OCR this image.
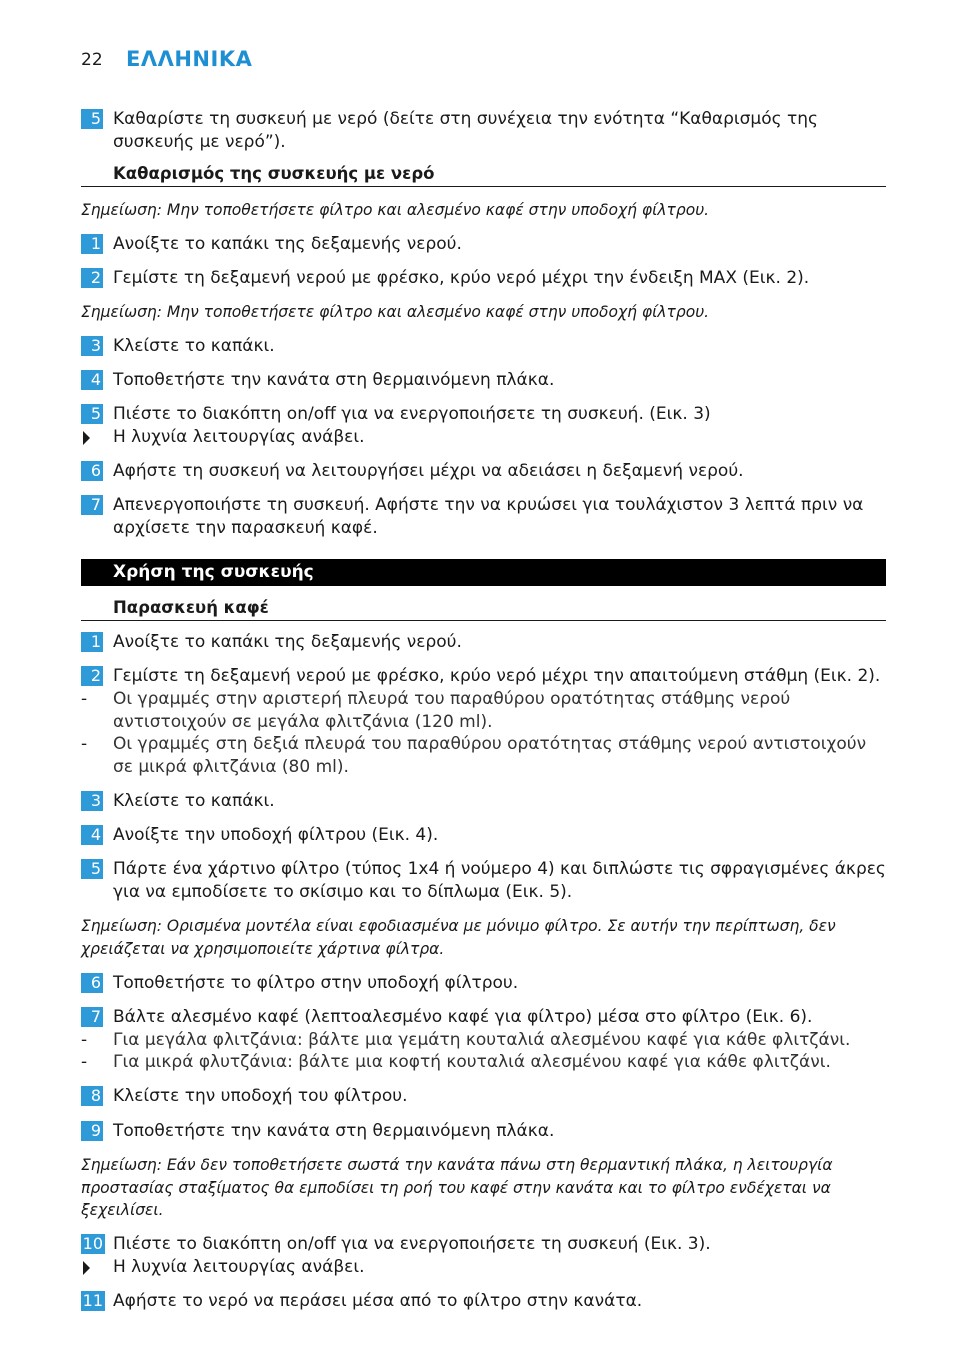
22 ΕΛΛΗΝΙΚΑ
5 Καθαρίστε τη συσκευή με νερό (δείτε στη συνέχεια την ενότητα “Καθαρισμός της συσκευής με νερό”).
Καθαρισμός της συσκευής με νερό
Σημείωση: Μην τοποθετήσετε φίλτρο και αλεσμένο καφέ στην υποδοχή φίλτρου.
1 Ανοίξτε το καπάκι της δεξαμενής νερού.
2 Γεμίστε τη δεξαμενή νερού με φρέσκο, κρύο νερό μέχρι την ένδειξη MAX (Εικ. 2).
Σημείωση: Μην τοποθετήσετε φίλτρο και αλεσμένο καφέ στην υποδοχή φίλτρου.
3 Κλείστε το καπάκι.
4 Τοποθετήστε την κανάτα στη θερμαινόμενη πλάκα.
5 Πιέστε το διακόπτη on/off για να ενεργοποιήσετε τη συσκευή. (Εικ. 3)
Η λυχνία λειτουργίας ανάβει.
6 Αφήστε τη συσκευή να λειτουργήσει μέχρι να αδειάσει η δεξαμενή νερού.
7 Απενεργοποιήστε τη συσκευή. Αφήστε την να κρυώσει για τουλάχιστον 3 λεπτά πριν να αρχίσετε την παρασκευή καφέ.
Χρήση της συσκευής
Παρασκευή καφέ
1 Ανοίξτε το καπάκι της δεξαμενής νερού.
2 Γεμίστε τη δεξαμενή νερού με φρέσκο, κρύο νερό μέχρι την απαιτούμενη στάθμη (Εικ. 2).
-	Οι γραμμές στην αριστερή πλευρά του παραθύρου ορατότητας στάθμης νερού αντιστοιχούν σε μεγάλα φλιτζάνια (120 ml).
-	Οι γραμμές στη δεξιά πλευρά του παραθύρου ορατότητας στάθμης νερού αντιστοιχούν σε μικρά φλιτζάνια (80 ml).
3 Κλείστε το καπάκι.
4 Ανοίξτε την υποδοχή φίλτρου (Εικ. 4).
5 Πάρτε ένα χάρτινο φίλτρο (τύπος 1x4 ή νούμερο 4) και διπλώστε τις σφραγισμένες άκρες για να εμποδίσετε το σκίσιμο και το δίπλωμα (Εικ. 5).
Σημείωση: Ορισμένα μοντέλα είναι εφοδιασμένα με μόνιμο φίλτρο. Σε αυτήν την περίπτωση, δεν χρειάζεται να χρησιμοποιείτε χάρτινα φίλτρα.
6 Τοποθετήστε το φίλτρο στην υποδοχή φίλτρου.
7 Βάλτε αλεσμένο καφέ (λεπτοαλεσμένο καφέ για φίλτρο) μέσα στο φίλτρο (Εικ. 6).
-	Για μεγάλα φλιτζάνια: βάλτε μια γεμάτη κουταλιά αλεσμένου καφέ για κάθε φλιτζάνι.
-	Για μικρά φλυτζάνια: βάλτε μια κοφτή κουταλιά αλεσμένου καφέ για κάθε φλιτζάνι.
8 Κλείστε την υποδοχή του φίλτρου.
9 Τοποθετήστε την κανάτα στη θερμαινόμενη πλάκα.
Σημείωση: Εάν δεν τοποθετήσετε σωστά την κανάτα πάνω στη θερμαντική πλάκα, η λειτουργία προστασίας σταξίματος θα εμποδίσει τη ροή του καφέ στην κανάτα και το φίλτρο ενδέχεται να ξεχειλίσει.
10 Πιέστε το διακόπτη on/off για να ενεργοποιήσετε τη συσκευή (Εικ. 3).
Η λυχνία λειτουργίας ανάβει.
11 Αφήστε το νερό να περάσει μέσα από το φίλτρο στην κανάτα.
